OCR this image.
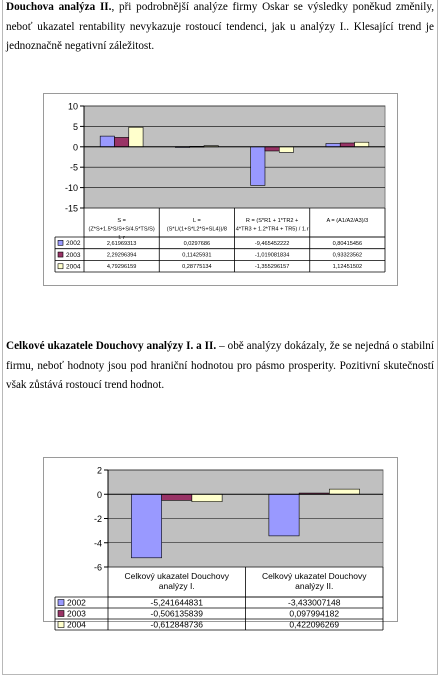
Douchova analýza II., při podrobnější analýze firmy Oskar se výsledky poněkud změnily, neboť ukazatel rentability nevykazuje rostoucí tendenci, jak u analýzy I.. Klesající trend je jednoznačně negativní záležitost.

10
5
0
-5
-10
-15
S =
(Z*S+1.5*S/S+S/4.5*TS/S)
I. r
L =
(S*L/(1+S*L2*S+SL4))/8
R = (S*R1 + 1*TR2 +
4*TR3 + 1.2*TR4 + TR5) / 1.r
A = (A1/A2/A3)/3
2002	2,61969313	0,0297686	-9,465452222	0,80415456
2003	2,29296394	0,11425931	-1,019081834	0,93323562
2004	4,79296159	0,28775134	-1,355296157	1,12451502

Celkové ukazatele Douchovy analýzy I. a II. – obě analýzy dokázaly, že se nejedná o stabilní firmu, neboť hodnoty jsou pod hraniční hodnotou pro pásmo prosperity. Pozitivní skutečností však zůstává rostoucí trend hodnot.

2
0
-2
-4
-6
Celkový ukazatel Douchovy
analýzy I.
Celkový ukazatel Douchovy
analýzy II.
2002	-5,241644831	-3,433007148
2003	-0,506135839	0,097994182
2004	-0,612848736	0,422096269
